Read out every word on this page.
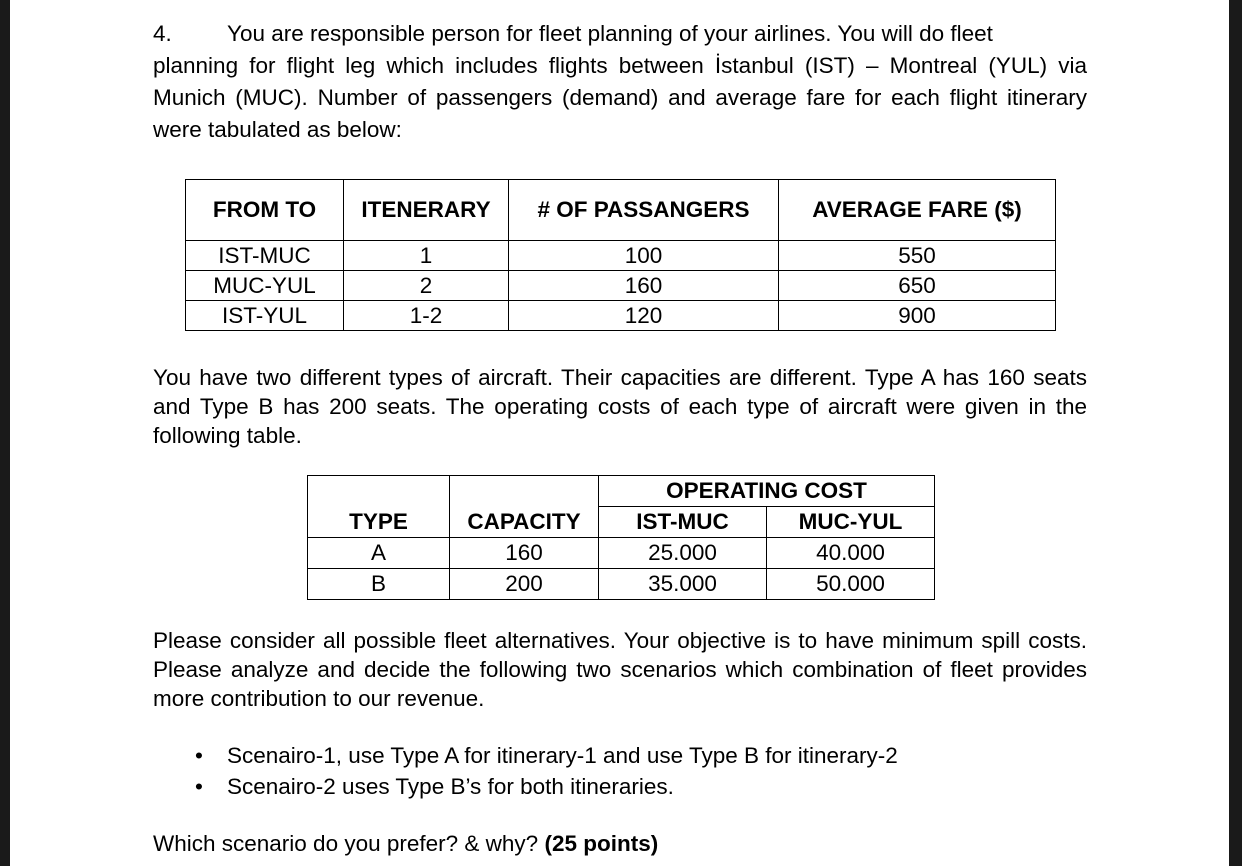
4.	You are responsible person for fleet planning of your airlines. You will do fleet

planning for flight leg which includes flights between İstanbul (IST) – Montreal (YUL) via Munich (MUC). Number of passengers (demand) and average fare for each flight itinerary were tabulated as below:

FROM TO	ITENERARY	# OF PASSANGERS	AVERAGE FARE ($)
IST-MUC	1	100	550
MUC-YUL	2	160	650
IST-YUL	1-2	120	900

You have two different types of aircraft. Their capacities are different. Type A has 160 seats and Type B has 200 seats. The operating costs of each type of aircraft were given in the following table.

		OPERATING COST	
TYPE	CAPACITY	IST-MUC	MUC-YUL
A	160	25.000	40.000
B	200	35.000	50.000

Please consider all possible fleet alternatives. Your objective is to have minimum spill costs. Please analyze and decide the following two scenarios which combination of fleet provides more contribution to our revenue.

•	Scenairo-1, use Type A for itinerary-1 and use Type B for itinerary-2
•	Scenairo-2 uses Type B’s for both itineraries.

Which scenario do you prefer? & why? (25 points)
